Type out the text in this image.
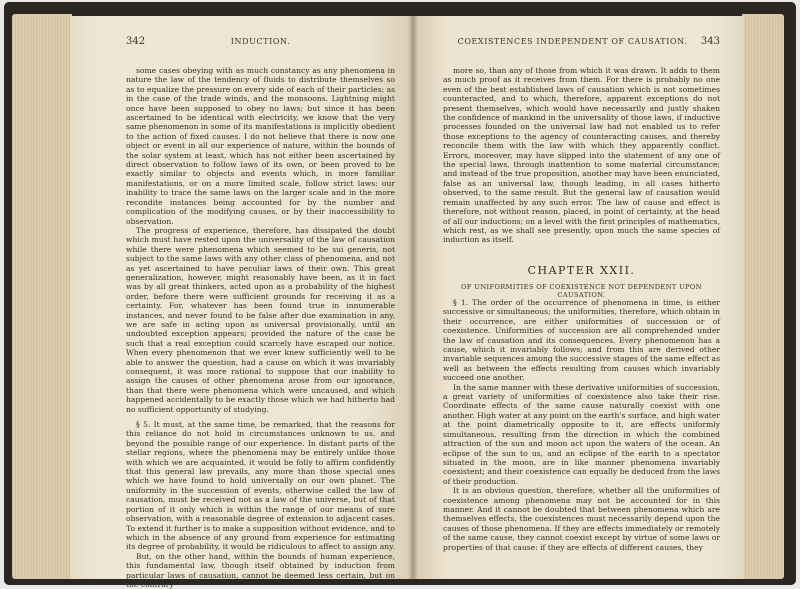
342	INDUCTION.

some cases obeying with as much constancy as any phenomena in nature the law of the tendency of fluids to distribute themselves so as to equalize the pressure on every side of each of their particles; as in the case of the trade winds, and the monsoons. Lightning might once have been supposed to obey no laws; but since it has been ascertained to be identical with electricity, we know that the very same phenomenon in some of its manifestations is implicitly obedient to the action of fixed causes. I do not believe that there is now one object or event in all our experience of nature, within the bounds of the solar system at least, which has not either been ascertained by direct observation to follow laws of its own, or been proved to be exactly similar to objects and events which, in more familiar manifestations, or on a more limited scale, follow strict laws: our inability to trace the same laws on the larger scale and in the more recondite instances being accounted for by the number and complication of the modifying causes, or by their inaccessibility to observation.

The progress of experience, therefore, has dissipated the doubt which must have rested upon the universality of the law of causation while there were phenomena which seemed to be sui generis, not subject to the same laws with any other class of phenomena, and not as yet ascertained to have peculiar laws of their own. This great generalization, however, might reasonably have been, as it in fact was by all great thinkers, acted upon as a probability of the highest order, before there were sufficient grounds for receiving it as a certainty. For, whatever has been found true in innumerable instances, and never found to be false after due examination in any, we are safe in acting upon as universal provisionally, until an undoubted exception appears; provided the nature of the case be such that a real exception could scarcely have escaped our notice. When every phenomenon that we ever knew sufficiently well to be able to answer the question, had a cause on which it was invariably consequent, it was more rational to suppose that our inability to assign the causes of other phenomena arose from our ignorance, than that there were phenomena which were uncaused, and which happened accidentally to be exactly those which we had hitherto had no sufficient opportunity of studying.

§ 5. It must, at the same time, be remarked, that the reasons for this reliance do not hold in circumstances unknown to us, and beyond the possible range of our experience. In distant parts of the stellar regions, where the phenomena may be entirely unlike those with which we are acquainted, it would be folly to affirm confidently that this general law prevails, any more than those special ones which we have found to hold universally on our own planet. The uniformity in the succession of events, otherwise called the law of causation, must be received not as a law of the universe, but of that portion of it only which is within the range of our means of sure observation, with a reasonable degree of extension to adjacent cases. To extend it further is to make a supposition without evidence, and to which in the absence of any ground from experience for estimating its degree of probability, it would be ridiculous to affect to assign any.

But, on the other hand, within the bounds of human experience, this fundamental law, though itself obtained by induction from particular laws of causation, cannot be deemed less certain, but on the contrary

COEXISTENCES INDEPENDENT OF CAUSATION.	343

more so, than any of those from which it was drawn. It adds to them as much proof as it receives from them. For there is probably no one even of the best established laws of causation which is not sometimes counteracted, and to which, therefore, apparent exceptions do not present themselves, which would have necessarily and justly shaken the confidence of mankind in the universality of those laws, if inductive processes founded on the universal law had not enabled us to refer those exceptions to the agency of counteracting causes, and thereby reconcile them with the law with which they apparently conflict. Errors, moreover, may have slipped into the statement of any one of the special laws, through inattention to some material circumstance; and instead of the true proposition, another may have been enunciated, false as an universal law, though leading, in all cases hitherto observed, to the same result. But the general law of causation would remain unaffected by any such error. The law of cause and effect is therefore, not without reason, placed, in point of certainty, at the head of all our inductions; on a level with the first principles of mathematics, which rest, as we shall see presently, upon much the same species of induction as itself.

CHAPTER XXII.
OF UNIFORMITIES OF COEXISTENCE NOT DEPENDENT UPON CAUSATION.

§ 1. The order of the occurrence of phenomena in time, is either successive or simultaneous; the uniformities, therefore, which obtain in their occurrence, are either uniformities of succession or of coexistence. Uniformities of succession are all comprehended under the law of causation and its consequences. Every phenomenon has a cause, which it invariably follows; and from this are derived other invariable sequences among the successive stages of the same effect as well as between the effects resulting from causes which invariably succeed one another.

In the same manner with these derivative uniformities of succession, a great variety of uniformities of coexistence also take their rise. Coordinate effects of the same cause naturally coexist with one another. High water at any point on the earth's surface, and high water at the point diametrically opposite to it, are effects uniformly simultaneous, resulting from the direction in which the combined attraction of the sun and moon act upon the waters of the ocean. An eclipse of the sun to us, and an eclipse of the earth to a spectator situated in the moon, are in like manner phenomena invariably coexistent; and their coexistence can equally be deduced from the laws of their production.

It is an obvious question, therefore, whether all the uniformities of coexistence among phenomena may not be accounted for in this manner. And it cannot be doubted that between phenomena which are themselves effects, the coexistences must necessarily depend upon the causes of those phenomena. If they are effects immediately or remotely of the same cause, they cannot coexist except by virtue of some laws or properties of that cause: if they are effects of different causes, they
